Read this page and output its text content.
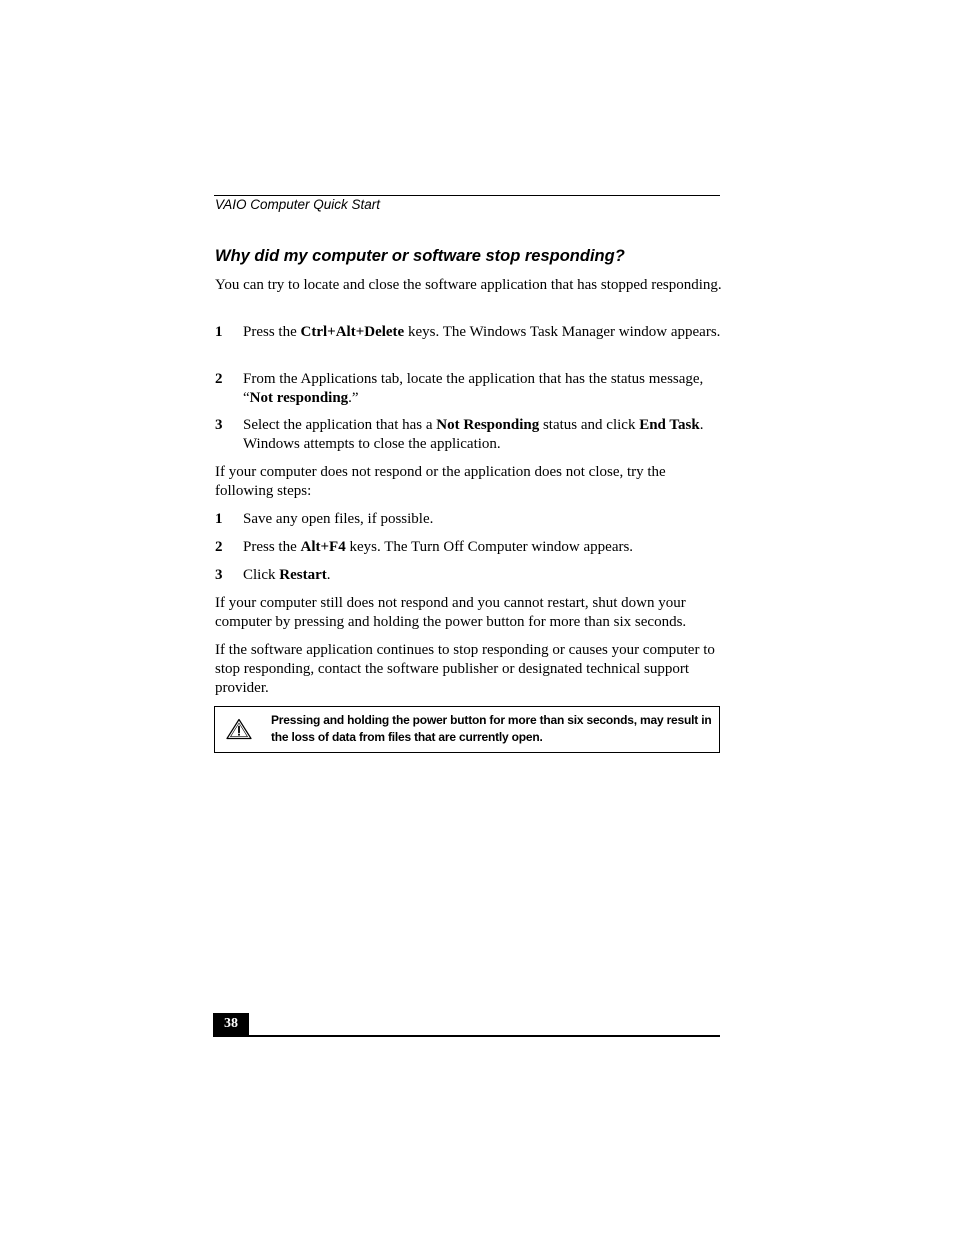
VAIO Computer Quick Start
Why did my computer or software stop responding?

You can try to locate and close the software application that has stopped responding.

1 Press the Ctrl+Alt+Delete keys. The Windows Task Manager window appears.
2 From the Applications tab, locate the application that has the status message, “Not responding.”
3 Select the application that has a Not Responding status and click End Task. Windows attempts to close the application.

If your computer does not respond or the application does not close, try the following steps:

1 Save any open files, if possible.
2 Press the Alt+F4 keys. The Turn Off Computer window appears.
3 Click Restart.

If your computer still does not respond and you cannot restart, shut down your computer by pressing and holding the power button for more than six seconds.

If the software application continues to stop responding or causes your computer to stop responding, contact the software publisher or designated technical support provider.

Pressing and holding the power button for more than six seconds, may result in the loss of data from files that are currently open.
38
